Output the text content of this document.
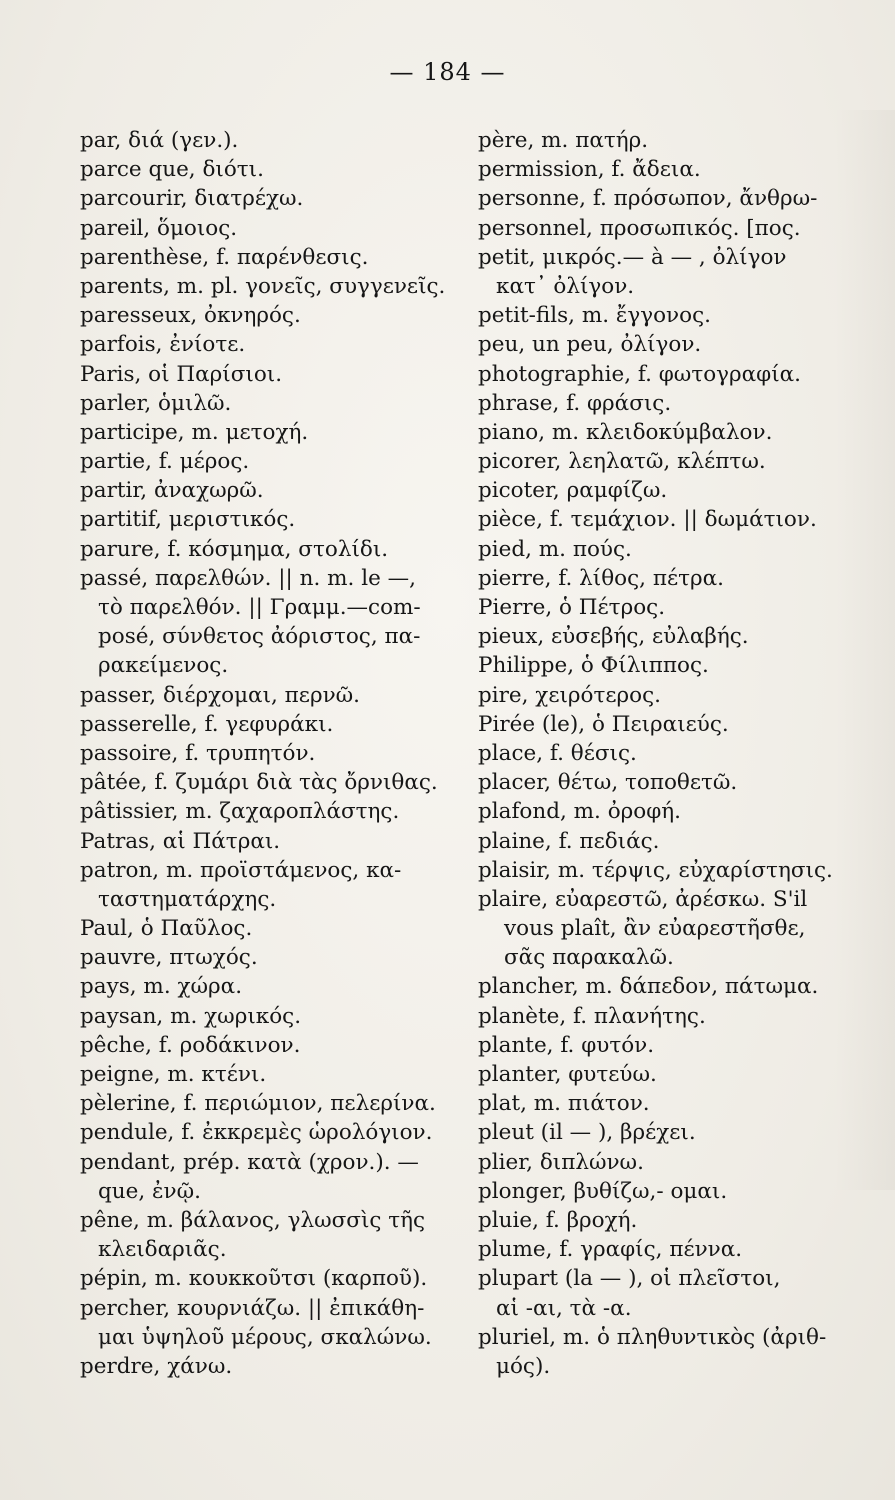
— 184 —
par, διά (γεν.).
parce que, διότι.
parcourir, διατρέχω.
pareil, ὅμοιος.
parenthèse, f. παρένθεσις.
parents, m. pl. γονεῖς, συγγενεῖς.
paresseux, ὀκνηρός.
parfois, ἐνίοτε.
Paris, οἱ Παρίσιοι.
parler, ὁμιλῶ.
participe, m. μετοχή.
partie, f. μέρος.
partir, ἀναχωρῶ.
partitif, μεριστικός.
parure, f. κόσμημα, στολίδι.
passé, παρελθών. || n. m. le —,
τὸ παρελθόν. || Γραμμ.—com-
posé, σύνθετος ἀόριστος, πα-
ρακείμενος.
passer, διέρχομαι, περνῶ.
passerelle, f. γεφυράκι.
passoire, f. τρυπητόν.
pâtée, f. ζυμάρι διὰ τὰς ὄρνιθας.
pâtissier, m. ζαχαροπλάστης.
Patras, αἱ Πάτραι.
patron, m. προϊστάμενος, κα-
ταστηματάρχης.
Paul, ὁ Παῦλος.
pauvre, πτωχός.
pays, m. χώρα.
paysan, m. χωρικός.
pêche, f. ροδάκινον.
peigne, m. κτένι.
pèlerine, f. περιώμιον, πελερίνα.
pendule, f. ἐκκρεμὲς ὡρολόγιον.
pendant, prép. κατὰ (χρον.). —
que, ἐνῷ.
pêne, m. βάλανος, γλωσσὶς τῆς
κλειδαριᾶς.
pépin, m. κουκκοῦτσι (καρποῦ).
percher, κουρνιάζω. || ἐπικάθη-
μαι ὑψηλοῦ μέρους, σκαλώνω.
perdre, χάνω.
père, m. πατήρ.
permission, f. ἄδεια.
personne, f. πρόσωπον, ἄνθρω-
personnel, προσωπικός. [πος.
petit, μικρός.— à — , ὀλίγον
κατ᾽ ὀλίγον.
petit-fils, m. ἔγγονος.
peu, un peu, ὀλίγον.
photographie, f. φωτογραφία.
phrase, f. φράσις.
piano, m. κλειδοκύμβαλον.
picorer, λεηλατῶ, κλέπτω.
picoter, ραμφίζω.
pièce, f. τεμάχιον. || δωμάτιον.
pied, m. πούς.
pierre, f. λίθος, πέτρα.
Pierre, ὁ Πέτρος.
pieux, εὐσεβής, εὐλαβής.
Philippe, ὁ Φίλιππος.
pire, χειρότερος.
Pirée (le), ὁ Πειραιεύς.
place, f. θέσις.
placer, θέτω, τοποθετῶ.
plafond, m. ὀροφή.
plaine, f. πεδιάς.
plaisir, m. τέρψις, εὐχαρίστησις.
plaire, εὐαρεστῶ, ἀρέσκω. S'il
vous plaît, ἂν εὐαρεστῆσθε,
σᾶς παρακαλῶ.
plancher, m. δάπεδον, πάτωμα.
planète, f. πλανήτης.
plante, f. φυτόν.
planter, φυτεύω.
plat, m. πιάτον.
pleut (il — ), βρέχει.
plier, διπλώνω.
plonger, βυθίζω,- ομαι.
pluie, f. βροχή.
plume, f. γραφίς, πέννα.
plupart (la — ), οἱ πλεῖστοι,
αἱ -αι, τὰ -α.
pluriel, m. ὁ πληθυντικὸς (ἀριθ-
μός).
